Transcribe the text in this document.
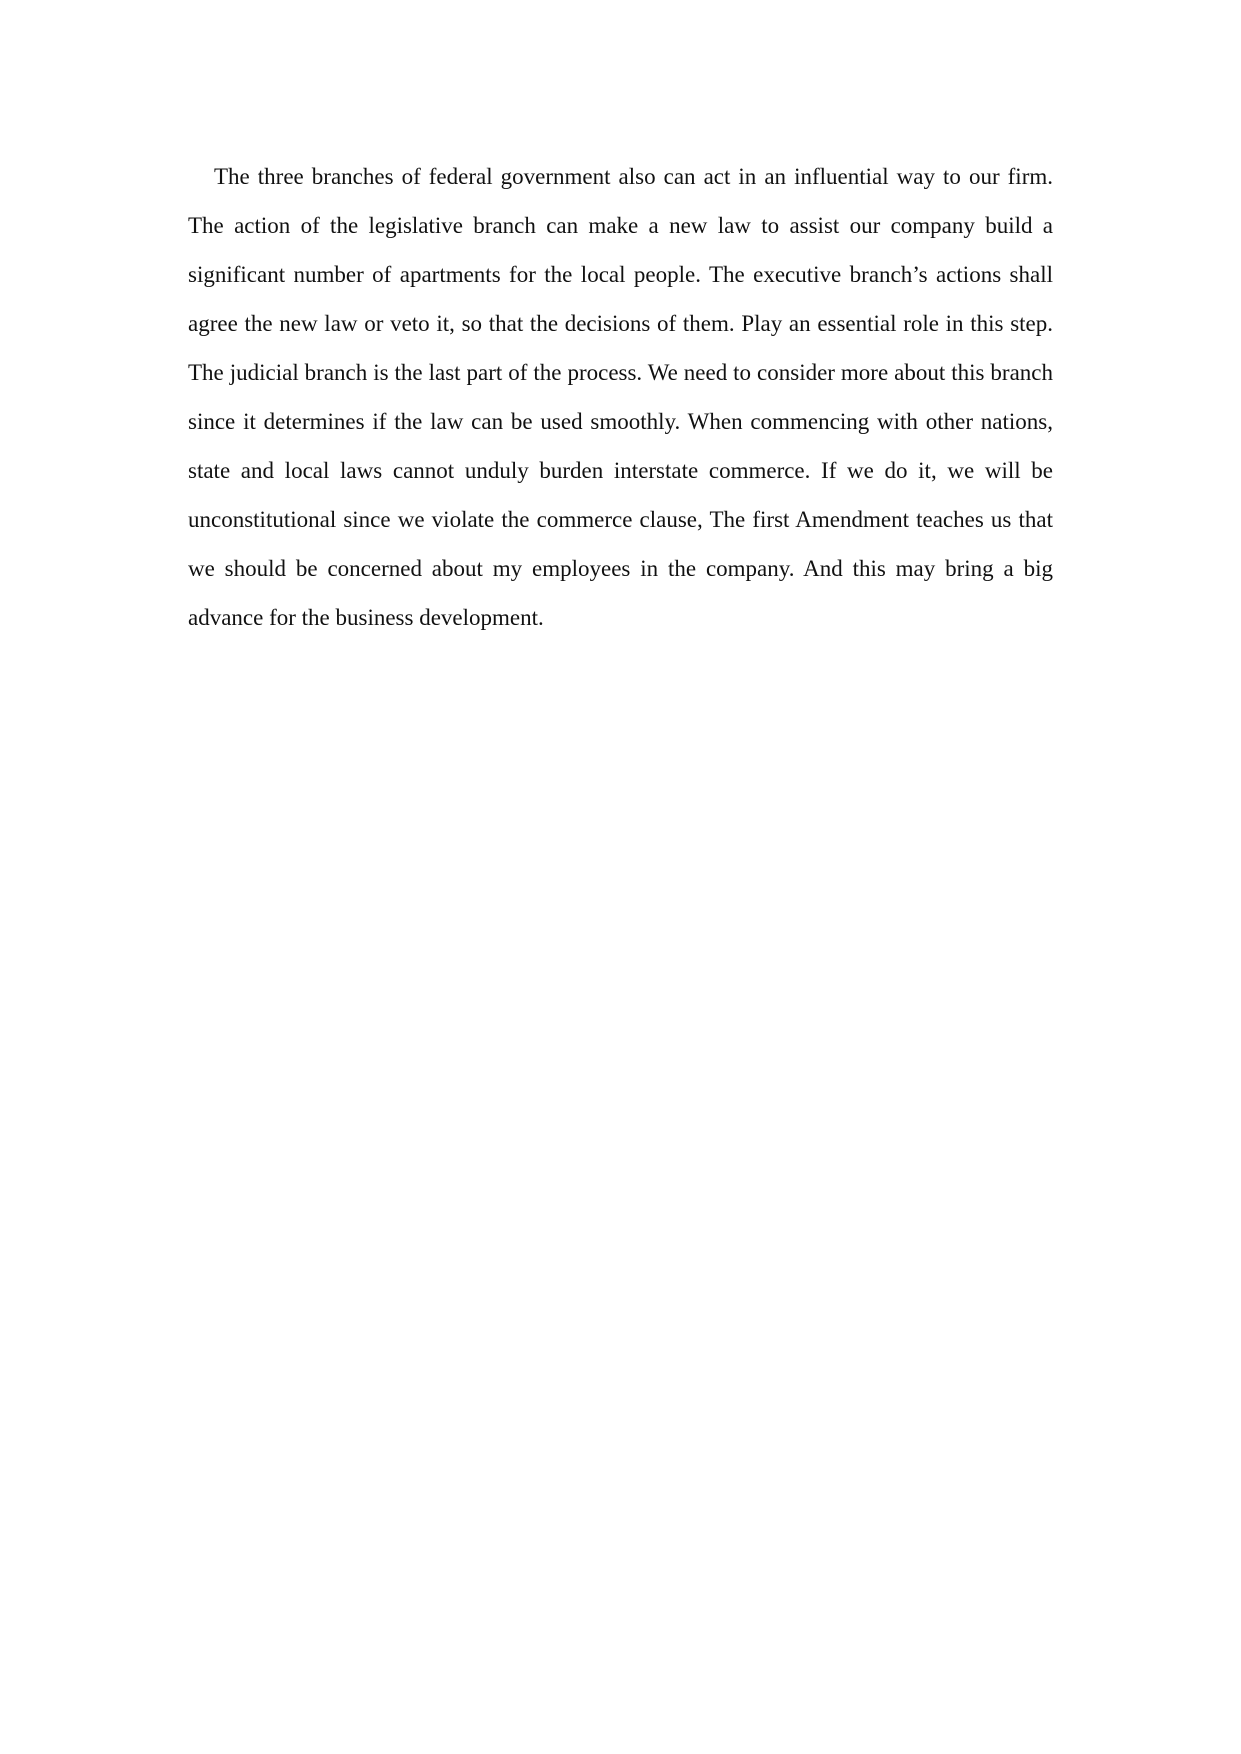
The three branches of federal government also can act in an influential way to our firm. The action of the legislative branch can make a new law to assist our company build a significant number of apartments for the local people. The executive branch’s actions shall agree the new law or veto it, so that the decisions of them. Play an essential role in this step. The judicial branch is the last part of the process. We need to consider more about this branch since it determines if the law can be used smoothly. When commencing with other nations, state and local laws cannot unduly burden interstate commerce. If we do it, we will be unconstitutional since we violate the commerce clause, The first Amendment teaches us that we should be concerned about my employees in the company. And this may bring a big advance for the business development.
